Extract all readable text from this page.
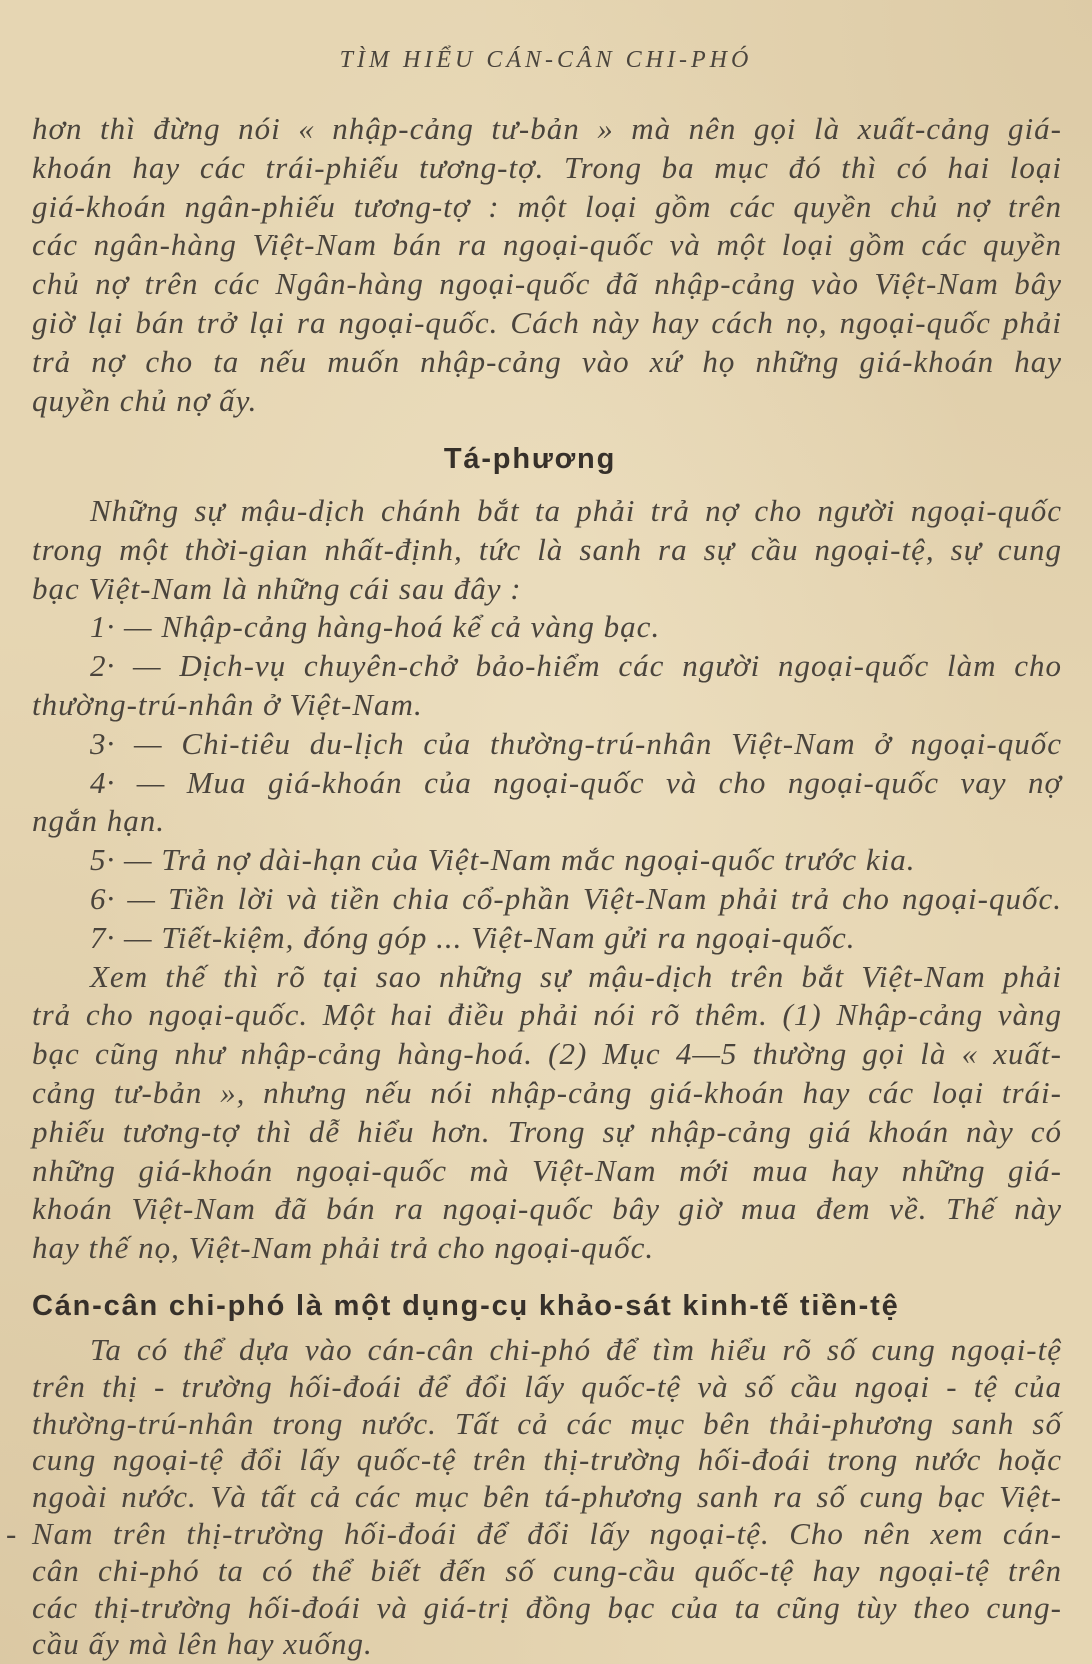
TÌM HIỂU CÁN-CÂN CHI-PHÓ
hơn thì đừng nói « nhập-cảng tư-bản » mà nên gọi là xuất-cảng giá-
khoán hay các trái-phiếu tương-tợ. Trong ba mục đó thì có hai loại
giá-khoán ngân-phiếu tương-tợ : một loại gồm các quyền chủ nợ trên
các ngân-hàng Việt-Nam bán ra ngoại-quốc và một loại gồm các quyền
chủ nợ trên các Ngân-hàng ngoại-quốc đã nhập-cảng vào Việt-Nam bây
giờ lại bán trở lại ra ngoại-quốc. Cách này hay cách nọ, ngoại-quốc phải
trả nợ cho ta nếu muốn nhập-cảng vào xứ họ những giá-khoán hay
quyền chủ nợ ấy.
Tá-phương
Những sự mậu-dịch chánh bắt ta phải trả nợ cho người ngoại-quốc
trong một thời-gian nhất-định, tức là sanh ra sự cầu ngoại-tệ, sự cung
bạc Việt-Nam là những cái sau đây :
1· — Nhập-cảng hàng-hoá kể cả vàng bạc.
2· — Dịch-vụ chuyên-chở bảo-hiểm các người ngoại-quốc làm cho
thường-trú-nhân ở Việt-Nam.
3· — Chi-tiêu du-lịch của thường-trú-nhân Việt-Nam ở ngoại-quốc
4· — Mua giá-khoán của ngoại-quốc và cho ngoại-quốc vay nợ
ngắn hạn.
5· — Trả nợ dài-hạn của Việt-Nam mắc ngoại-quốc trước kia.
6· — Tiền lời và tiền chia cổ-phần Việt-Nam phải trả cho ngoại-quốc.
7· — Tiết-kiệm, đóng góp ... Việt-Nam gửi ra ngoại-quốc.
Xem thế thì rõ tại sao những sự mậu-dịch trên bắt Việt-Nam phải
trả cho ngoại-quốc. Một hai điều phải nói rõ thêm. (1) Nhập-cảng vàng
bạc cũng như nhập-cảng hàng-hoá. (2) Mục 4—5 thường gọi là « xuất-
cảng tư-bản », nhưng nếu nói nhập-cảng giá-khoán hay các loại trái-
phiếu tương-tợ thì dễ hiểu hơn. Trong sự nhập-cảng giá khoán này có
những giá-khoán ngoại-quốc mà Việt-Nam mới mua hay những giá-
khoán Việt-Nam đã bán ra ngoại-quốc bây giờ mua đem về. Thế này
hay thế nọ, Việt-Nam phải trả cho ngoại-quốc.
Cán-cân chi-phó là một dụng-cụ khảo-sát kinh-tế tiền-tệ
Ta có thể dựa vào cán-cân chi-phó để tìm hiểu rõ số cung ngoại-tệ
trên thị - trường hối-đoái để đổi lấy quốc-tệ và số cầu ngoại - tệ của
thường-trú-nhân trong nước. Tất cả các mục bên thải-phương sanh số
cung ngoại-tệ đổi lấy quốc-tệ trên thị-trường hối-đoái trong nước hoặc
ngoài nước. Và tất cả các mục bên tá-phương sanh ra số cung bạc Việt-
Nam trên thị-trường hối-đoái để đổi lấy ngoại-tệ. Cho nên xem cán-
cân chi-phó ta có thể biết đến số cung-cầu quốc-tệ hay ngoại-tệ trên
các thị-trường hối-đoái và giá-trị đồng bạc của ta cũng tùy theo cung-
cầu ấy mà lên hay xuống.
-
